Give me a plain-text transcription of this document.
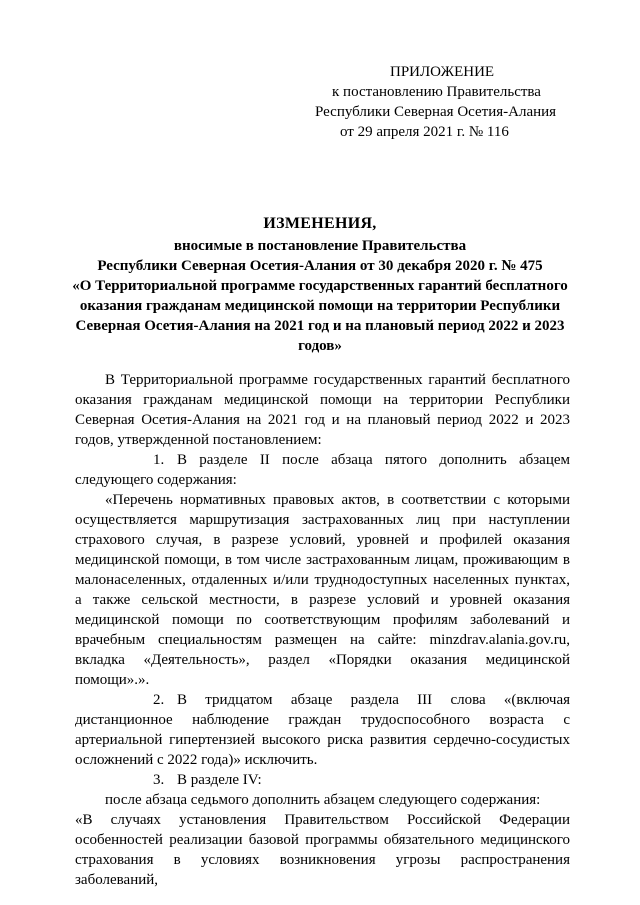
ПРИЛОЖЕНИЕ
к постановлению Правительства
Республики Северная Осетия-Алания
от 29 апреля 2021 г. № 116
ИЗМЕНЕНИЯ,
вносимые в постановление Правительства
Республики Северная Осетия-Алания от 30 декабря 2020 г. № 475
«О Территориальной программе государственных гарантий бесплатного оказания гражданам медицинской помощи на территории Республики Северная Осетия-Алания на 2021 год и на плановый период 2022 и 2023 годов»

В Территориальной программе государственных гарантий бесплатного оказания гражданам медицинской помощи на территории Республики Северная Осетия-Алания на 2021 год и на плановый период 2022 и 2023 годов, утвержденной постановлением:

1. В разделе II после абзаца пятого дополнить абзацем следующего содержания:

«Перечень нормативных правовых актов, в соответствии с которыми осуществляется маршрутизация застрахованных лиц при наступлении страхового случая, в разрезе условий, уровней и профилей оказания медицинской помощи, в том числе застрахованным лицам, проживающим в малонаселенных, отдаленных и/или труднодоступных населенных пунктах, а также сельской местности, в разрезе условий и уровней оказания медицинской помощи по соответствующим профилям заболеваний и врачебным специальностям размещен на сайте: minzdrav.alania.gov.ru, вкладка «Деятельность», раздел «Порядки оказания медицинской помощи».».

2. В тридцатом абзаце раздела III слова «(включая дистанционное наблюдение граждан трудоспособного возраста с артериальной гипертензией высокого риска развития сердечно-сосудистых осложнений с 2022 года)» исключить.

3. В разделе IV:

после абзаца седьмого дополнить абзацем следующего содержания:

«В случаях установления Правительством Российской Федерации особенностей реализации базовой программы обязательного медицинского страхования в условиях возникновения угрозы распространения заболеваний,
